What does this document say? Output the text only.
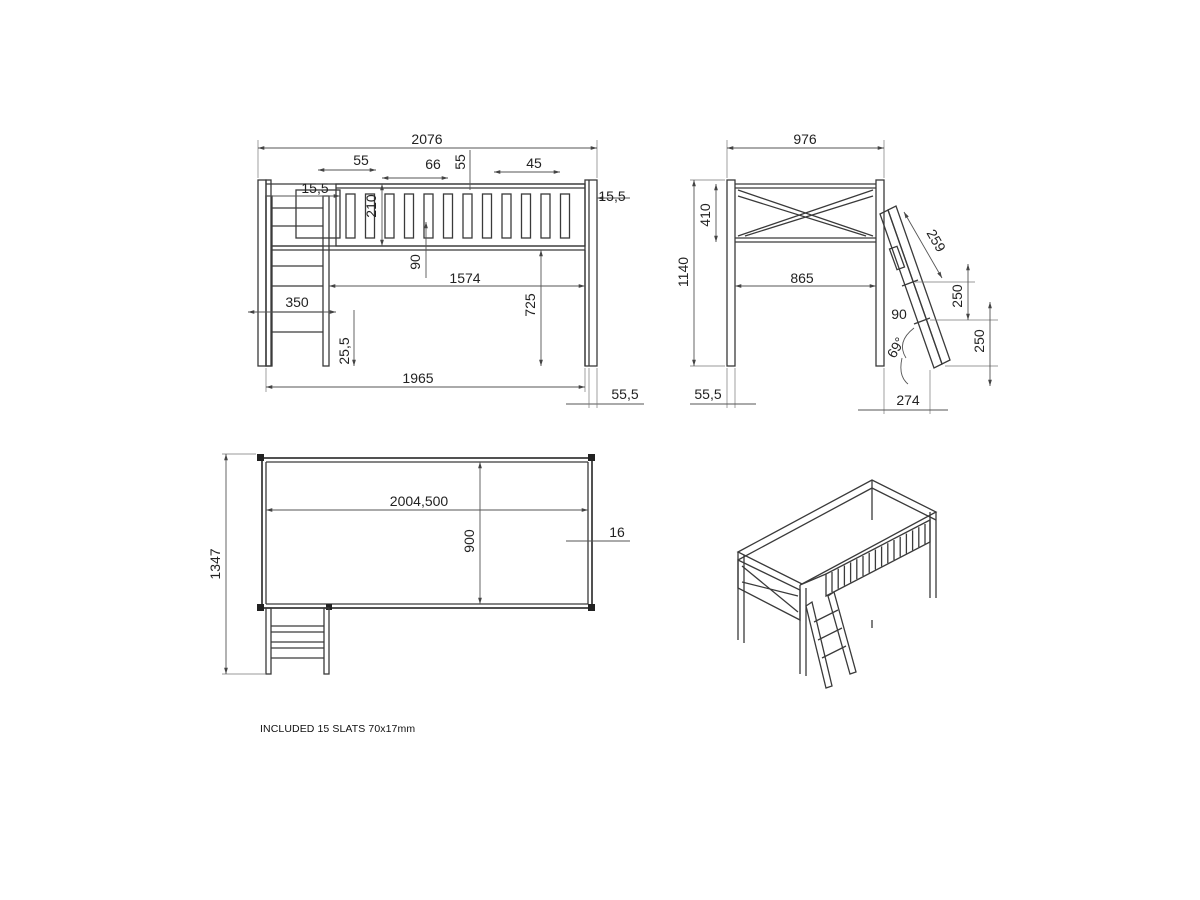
2076
55	66 55	45
15,5	15,5
210
90
1574
725
350
25,5
1965
55,5
976
1140
410
865
259
250
250
90
69°
274
55,5
1347
2004,500
900	16
INCLUDED 15 SLATS 70x17mm
